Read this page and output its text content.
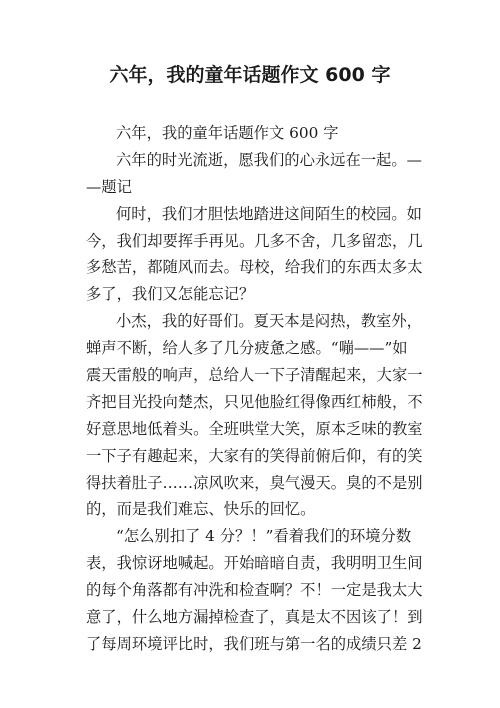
六年，我的童年话题作文 600 字
六年，我的童年话题作文 600 字
六年的时光流逝，愿我们的心永远在一起。—
—题记
何时，我们才胆怯地踏进这间陌生的校园。如
今，我们却要挥手再见。几多不舍，几多留恋，几
多愁苦，都随风而去。母校，给我们的东西太多太
多了，我们又怎能忘记？
小杰，我的好哥们。夏天本是闷热，教室外，
蝉声不断，给人多了几分疲惫之感。“嘣——”如
震天雷般的响声，总给人一下子清醒起来，大家一
齐把目光投向楚杰，只见他脸红得像西红柿般，不
好意思地低着头。全班哄堂大笑，原本乏味的教室
一下子有趣起来，大家有的笑得前俯后仰，有的笑
得扶着肚子……凉风吹来，臭气漫天。臭的不是别
的，而是我们难忘、快乐的回忆。
“怎么别扣了 4 分？！”看着我们的环境分数
表，我惊讶地喊起。开始暗暗自责，我明明卫生间
的每个角落都有冲洗和检查啊？不！一定是我太大
意了，什么地方漏掉检查了，真是太不因该了！到
了每周环境评比时，我们班与第一名的成绩只差 2
